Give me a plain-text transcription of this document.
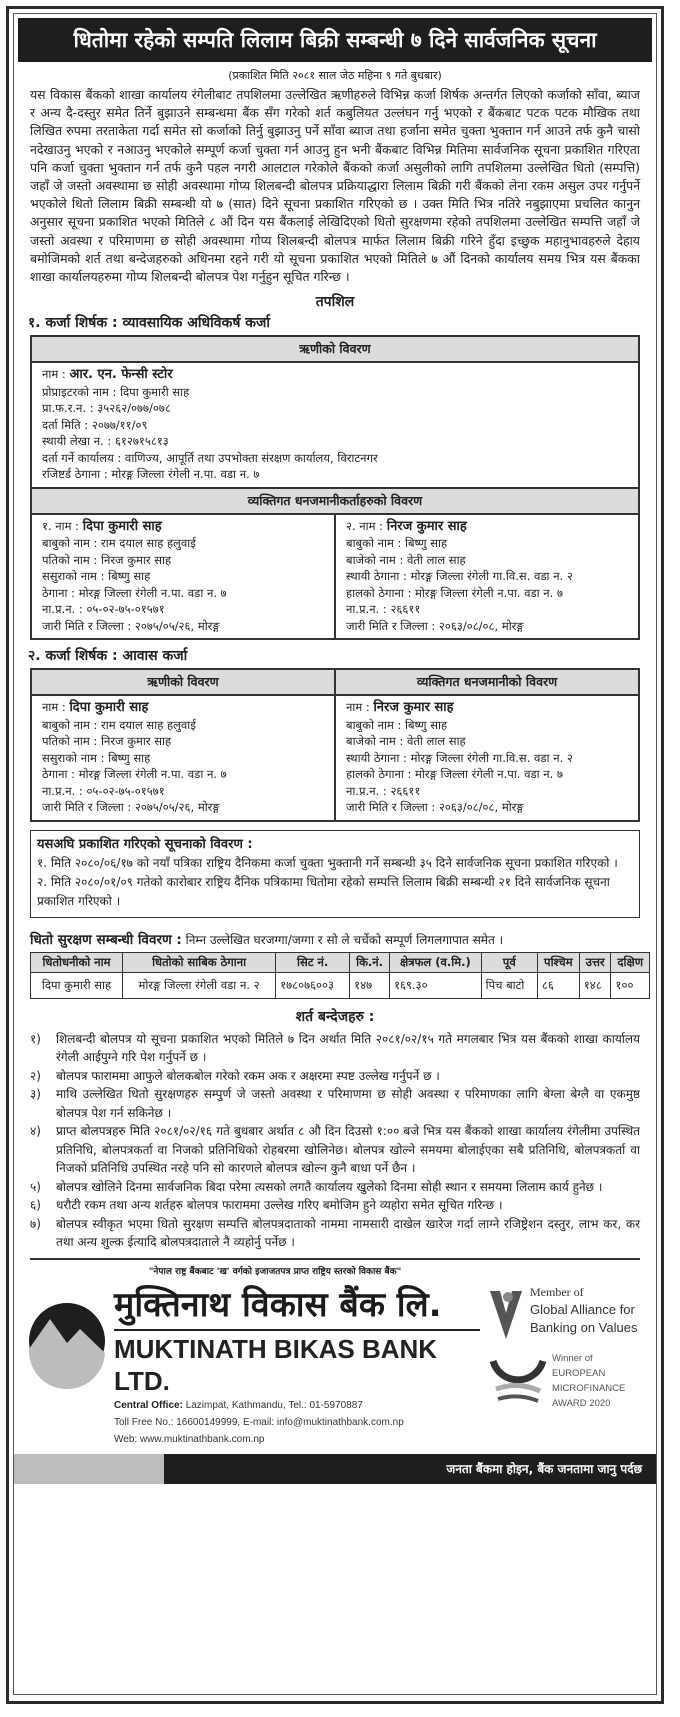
धितोमा रहेको सम्पति लिलाम बिक्री सम्बन्धी ७ दिने सार्वजनिक सूचना
(प्रकाशित मिति २०८१ साल जेठ महिना ९ गते बुधबार)

यस विकास बैंकको शाखा कार्यालय रंगेलीबाट तपशिलमा उल्लेखित ऋणीहरुले विभिन्न कर्जा शिर्षक अन्तर्गत लिएको कर्जाको साँवा, ब्याज र अन्य दै-दस्तुर समेत तिर्ने बुझाउने सम्बन्धमा बैंक सँग गरेको शर्त कबुलियत उल्लंघन गर्नु भएको र बैंकबाट पटक पटक मौखिक तथा लिखित रुपमा तरताकेता गर्दा समेत सो कर्जाको तिर्नु बुझाउनु पर्ने साँवा ब्याज तथा हर्जाना समेत चुक्ता भुक्तान गर्न आउने तर्फ कुनै चासो नदेखाउनु भएको र नआउनु भएकोले सम्पूर्ण कर्जा चुक्ता गर्न आउनु हुन भनी बैंकबाट विभिन्न मितिमा सार्वजनिक सूचना प्रकाशित गरिएता पनि कर्जा चुक्ता भुक्तान गर्न तर्फ कुनै पहल नगरी आलटाल गरेकोले बैंकको कर्जा असुलीको लागि तपशिलमा उल्लेखित धितो (सम्पत्ति) जहाँ जे जस्तो अवस्थामा छ सोही अवस्थामा गोप्य शिलबन्दी बोलपत्र प्रक्रियाद्धारा लिलाम बिक्री गरी बैंकको लेना रकम असुल उपर गर्नुपर्ने भएकोले धितो लिलाम बिक्री सम्बन्धी यो ७ (सात) दिने सूचना प्रकाशित गरिएको छ । उक्त मिति भित्र नतिरे नबुझाएमा प्रचलित कानुन अनुसार सूचना प्रकाशित भएको मितिले ८ औं दिन यस बैंकलाई लेखिदिएको धितो सुरक्षणमा रहेको तपशिलमा उल्लेखित सम्पत्ति जहाँ जे जस्तो अवस्था र परिमाणमा छ सोही अवस्थामा गोप्य शिलबन्दी बोलपत्र मार्फत लिलाम बिक्री गरिने हुँदा इच्छुक महानुभावहरुले देहाय बमोजिमको शर्त तथा बन्देजहरुको अधिनमा रहने गरी यो सूचना प्रकाशित भएको मितिले ७ औं दिनको कार्यालय समय भित्र यस बैंकका शाखा कार्यालयहरुमा गोप्य शिलबन्दी बोलपत्र पेश गर्नुहुन सूचित गरिन्छ ।

तपशिल
१. कर्जा शिर्षक : व्यावसायिक अधिविकर्ष कर्जा
ऋणीको विवरण
नाम : आर. एन. फेन्सी स्टोर
प्रोप्राइटरको नाम : दिपा कुमारी साह
प्रा.फ.र.न. : ३५२६२/०७७/०७८
दर्ता मिति : २०७७/११/०९
स्थायी लेखा न. : ६१२७१५८१३
दर्ता गर्ने कार्यालय : वाणिज्य, आपूर्ति तथा उपभोक्ता संरक्षण कार्यालय, विराटनगर
रजिष्टर्ड ठेगाना : मोरङ्ग जिल्ला रंगेली न.पा. वडा न. ७
व्यक्तिगत धनजमानीकर्ताहरुको विवरण
१. नाम : दिपा कुमारी साह
बाबुको नाम : राम दयाल साह हलुवाई
पतिको नाम : निरज कुमार साह
ससुराको नाम : बिष्णु साह
ठेगाना : मोरङ्ग जिल्ला रंगेली न.पा. वडा न. ७
ना.प्र.न. : ०५-०२-७५-०१५७१
जारी मिति र जिल्ला : २०७५/०५/२६, मोरङ्ग
२. नाम : निरज कुमार साह
बाबुको नाम : बिष्णु साह
बाजेको नाम : वेती लाल साह
स्थायी ठेगाना : मोरङ्ग जिल्ला रंगेली गा.वि.स. वडा न. २
हालको ठेगाना : मोरङ्ग जिल्ला रंगेली न.पा. वडा न. ७
ना.प्र.न. : २६६११
जारी मिति र जिल्ला : २०६३/०८/०८, मोरङ्ग
२. कर्जा शिर्षक : आवास कर्जा
ऋणीको विवरण	व्यक्तिगत धनजमानीको विवरण
नाम : दिपा कुमारी साह
बाबुको नाम : राम दयाल साह हलुवाई
पतिको नाम : निरज कुमार साह
ससुराको नाम : बिष्णु साह
ठेगाना : मोरङ्ग जिल्ला रंगेली न.पा. वडा न. ७
ना.प्र.न. : ०५-०२-७५-०१५७१
जारी मिति र जिल्ला : २०७५/०५/२६, मोरङ्ग
नाम : निरज कुमार साह
बाबुको नाम : बिष्णु साह
बाजेको नाम : वेती लाल साह
स्थायी ठेगाना : मोरङ्ग जिल्ला रंगेली गा.वि.स. वडा न. २
हालको ठेगाना : मोरङ्ग जिल्ला रंगेली न.पा. वडा न. ७
ना.प्र.न. : २६६११
जारी मिति र जिल्ला : २०६३/०८/०८, मोरङ्ग
यसअघि प्रकाशित गरिएको सूचनाको विवरण :
१. मिति २०८०/०६/१७ को नयाँ पत्रिका राष्ट्रिय दैनिकमा कर्जा चुक्ता भुक्तानी गर्ने सम्बन्धी ३५ दिने सार्वजनिक सूचना प्रकाशित गरिएको ।
२. मिति २०८०/०१/०९ गतेको कारोबार राष्ट्रिय दैनिक पत्रिकामा धितोमा रहेको सम्पत्ति लिलाम बिक्री सम्बन्धी २१ दिने सार्वजनिक सूचना प्रकाशित गरिएको ।
धितो सुरक्षण सम्बन्धी विवरण : निम्न उल्लेखित घरजग्गा/जग्गा र सो ले चर्चेको सम्पूर्ण लिगलगापात समेत ।
धितोधनीको नाम	धितोको साबिक ठेगाना	सिट नं.	कि.नं.	क्षेत्रफल (व.मि.)	पूर्व	पश्चिम	उत्तर	दक्षिण
दिपा कुमारी साह	मोरङ्ग जिल्ला रंगेली वडा न. २	१७८०७६००३	१४७	१६९.३०	पिच बाटो	८६	१४८	१००
शर्त बन्देजहरु :
१)	शिलबन्दी बोलपत्र यो सूचना प्रकाशित भएको मितिले ७ दिन अर्थात मिति २०८१/०२/१५ गते मगलबार भित्र यस बैंकको शाखा कार्यालय रंगेली आईपुग्ने गरि पेश गर्नुपर्ने छ ।
२)	बोलपत्र फाराममा आफुले बोलकबोल गरेको रकम अक र अक्षरमा स्पष्ट उल्लेख गर्नुपर्ने छ ।
३)	माथि उल्लेखित धितो सुरक्षणहरु सम्पुर्ण जे जस्तो अवस्था र परिमाणमा छ सोही अवस्था र परिमाणका लागि बेग्ला बेग्लै वा एकमुष्ठ बोलपत्र पेश गर्न सकिनेछ ।
४)	प्राप्त बोलपत्रहरु मिति २०८१/०२/१६ गते बुधबार अर्थात ८ औ दिन दिउसो १:०० बजे भित्र यस बैंकको शाखा कार्यालय रंगेलीमा उपस्थित प्रतिनिधि, बोलपत्रकर्ता वा निजको प्रतिनिधिको रोहबरमा खोलिनेछ। बोलपत्र खोल्ने समयमा बोलाईएका सबै प्रतिनिधि, बोलपत्रकर्ता वा निजको प्रतिनिधि उपस्थित नरहे पनि सो कारणले बोलपत्र खोल्न कुनै बाधा पर्ने छैन ।
५)	बोलपत्र खोलिने दिनमा सार्वजनिक बिदा परेमा त्यसको लगतै कार्यालय खुलेको दिनमा सोही स्थान र समयमा लिलाम कार्य हुनेछ ।
६)	धरौटी रकम तथा अन्य शर्तहरु बोलपत्र फाराममा उल्लेख गरिए बमोजिम हुने व्यहोरा समेत सूचित गरिन्छ ।
७)	बोलपत्र स्वीकृत भएमा धितो सुरक्षण सम्पत्ति बोलपत्रदाताको नाममा नामसारी दाखेल खारेज गर्दा लाग्ने रजिष्ट्रेशन दस्तुर, लाभ कर, कर तथा अन्य शुल्क ईत्यादि बोलपत्रदाताले नै व्यहोर्नु पर्नेछ ।
"नेपाल राष्ट्र बैंकबाट 'ख' वर्गको इजाजतपत्र प्राप्त राष्ट्रिय स्तरको विकास बैंक"
मुक्तिनाथ विकास बैंक लि.
MUKTINATH BIKAS BANK LTD.
Central Office: Lazimpat, Kathmandu, Tel.: 01-5970887
Toll Free No.: 16600149999, E-mail: info@muktinathbank.com.np
Web: www.muktinathbank.com.np
Member of
Global Alliance for
Banking on Values
Winner of
EUROPEAN
MICROFINANCE
AWARD 2020
जनता बैंकमा होइन, बैंक जनतामा जानु पर्दछ
